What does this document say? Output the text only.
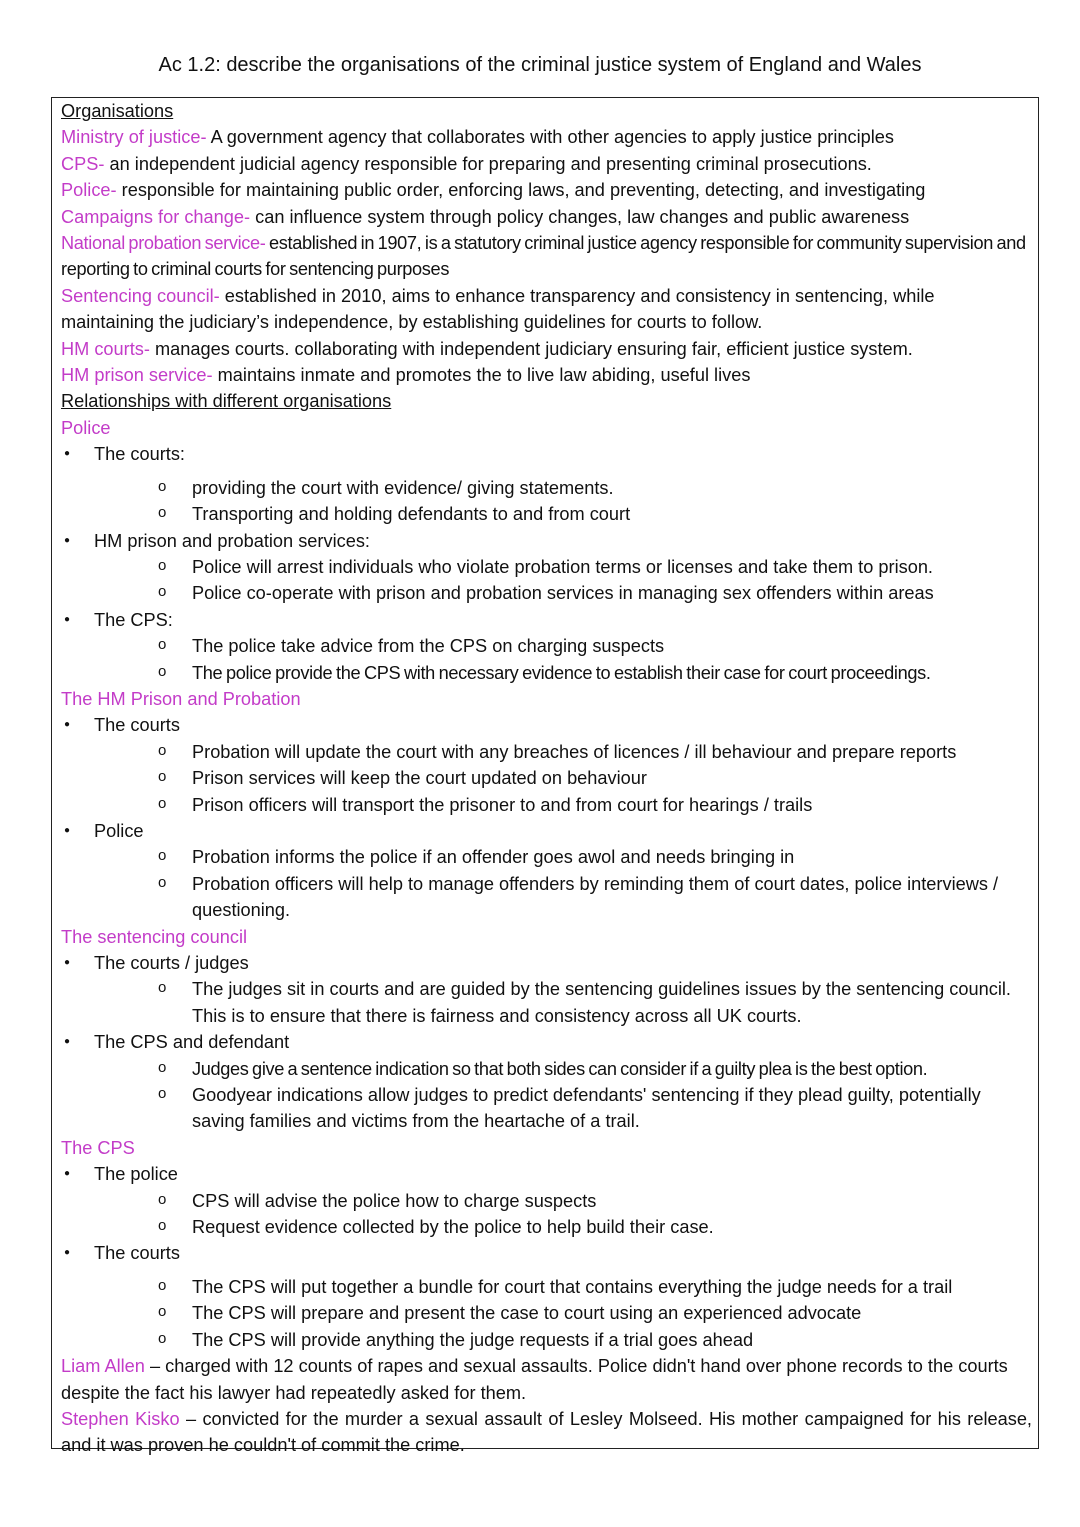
Ac 1.2: describe the organisations of the criminal justice system of England and Wales
Organisations
Ministry of justice- A government agency that collaborates with other agencies to apply justice principles
CPS- an independent judicial agency responsible for preparing and presenting criminal prosecutions.
Police- responsible for maintaining public order, enforcing laws, and preventing, detecting, and investigating
Campaigns for change- can influence system through policy changes, law changes and public awareness
National probation service- established in 1907, is a statutory criminal justice agency responsible for community supervision and reporting to criminal courts for sentencing purposes
Sentencing council- established in 2010, aims to enhance transparency and consistency in sentencing, while maintaining the judiciary’s independence, by establishing guidelines for courts to follow.
HM courts- manages courts. collaborating with independent judiciary ensuring fair, efficient justice system.
HM prison service- maintains inmate and promotes the to live law abiding, useful lives
Relationships with different organisations
Police
● The courts:
o providing the court with evidence/ giving statements.
o Transporting and holding defendants to and from court
● HM prison and probation services:
o Police will arrest individuals who violate probation terms or licenses and take them to prison.
o Police co-operate with prison and probation services in managing sex offenders within areas
● The CPS:
o The police take advice from the CPS on charging suspects
o The police provide the CPS with necessary evidence to establish their case for court proceedings.
The HM Prison and Probation
● The courts
o Probation will update the court with any breaches of licences / ill behaviour and prepare reports
o Prison services will keep the court updated on behaviour
o Prison officers will transport the prisoner to and from court for hearings / trails
● Police
o Probation informs the police if an offender goes awol and needs bringing in
o Probation officers will help to manage offenders by reminding them of court dates, police interviews / questioning.
The sentencing council
● The courts / judges
o The judges sit in courts and are guided by the sentencing guidelines issues by the sentencing council. This is to ensure that there is fairness and consistency across all UK courts.
● The CPS and defendant
o Judges give a sentence indication so that both sides can consider if a guilty plea is the best option.
o Goodyear indications allow judges to predict defendants' sentencing if they plead guilty, potentially saving families and victims from the heartache of a trail.
The CPS
● The police
o CPS will advise the police how to charge suspects
o Request evidence collected by the police to help build their case.
● The courts
o The CPS will put together a bundle for court that contains everything the judge needs for a trail
o The CPS will prepare and present the case to court using an experienced advocate
o The CPS will provide anything the judge requests if a trial goes ahead
Liam Allen – charged with 12 counts of rapes and sexual assaults. Police didn't hand over phone records to the courts despite the fact his lawyer had repeatedly asked for them.
Stephen Kisko – convicted for the murder a sexual assault of Lesley Molseed. His mother campaigned for his release, and it was proven he couldn't of commit the crime.
